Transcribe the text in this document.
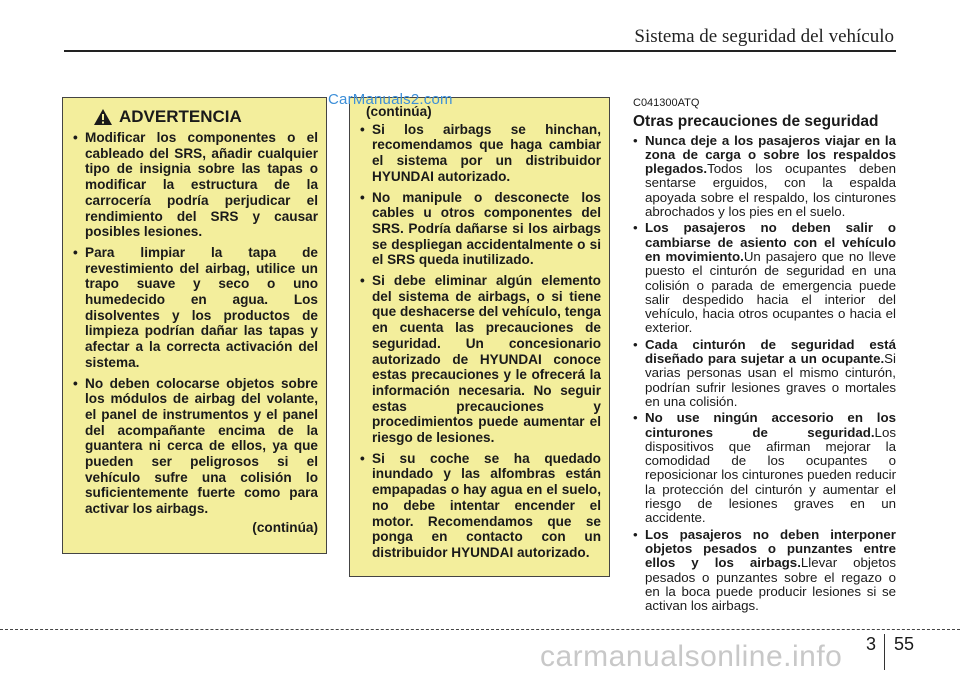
Sistema de seguridad del vehículo
ADVERTENCIA
• Modificar los componentes o el cableado del SRS, añadir cualquier tipo de insignia sobre las tapas o modificar la estructura de la carrocería podría perjudicar el rendimiento del SRS y causar posibles lesiones.
• Para limpiar la tapa de revestimiento del airbag, utilice un trapo suave y seco o uno humedecido en agua. Los disolventes y los productos de limpieza podrían dañar las tapas y afectar a la correcta activación del sistema.
• No deben colocarse objetos sobre los módulos de airbag del volante, el panel de instrumentos y el panel del acompañante encima de la guantera ni cerca de ellos, ya que pueden ser peligrosos si el vehículo sufre una colisión lo suficientemente fuerte como para activar los airbags.
(continúa)
(continúa)
• Si los airbags se hinchan, recomendamos que haga cambiar el sistema por un distribuidor HYUNDAI autorizado.
• No manipule o desconecte los cables u otros componentes del SRS. Podría dañarse si los airbags se despliegan accidentalmente o si el SRS queda inutilizado.
• Si debe eliminar algún elemento del sistema de airbags, o si tiene que deshacerse del vehículo, tenga en cuenta las precauciones de seguridad. Un concesionario autorizado de HYUNDAI conoce estas precauciones y le ofrecerá la información necesaria. No seguir estas precauciones y procedimientos puede aumentar el riesgo de lesiones.
• Si su coche se ha quedado inundado y las alfombras están empapadas o hay agua en el suelo, no debe intentar encender el motor. Recomendamos que se ponga en contacto con un distribuidor HYUNDAI autorizado.
CarManuals2.com	C041300ATQ
Otras precauciones de seguridad
• Nunca deje a los pasajeros viajar en la zona de carga o sobre los respaldos plegados.Todos los ocupantes deben sentarse erguidos, con la espalda apoyada sobre el respaldo, los cinturones abrochados y los pies en el suelo.
• Los pasajeros no deben salir o cambiarse de asiento con el vehículo en movimiento.Un pasajero que no lleve puesto el cinturón de seguridad en una colisión o parada de emergencia puede salir despedido hacia el interior del vehículo, hacia otros ocupantes o hacia el exterior.
• Cada cinturón de seguridad está diseñado para sujetar a un ocupante.Si varias personas usan el mismo cinturón, podrían sufrir lesiones graves o mortales en una colisión.
• No use ningún accesorio en los cinturones de seguridad.Los dispositivos que afirman mejorar la comodidad de los ocupantes o reposicionar los cinturones pueden reducir la protección del cinturón y aumentar el riesgo de lesiones graves en un accidente.
• Los pasajeros no deben interponer objetos pesados o punzantes entre ellos y los airbags.Llevar objetos pesados o punzantes sobre el regazo o en la boca puede producir lesiones si se activan los airbags.
3 55
carmanualsonline.info
